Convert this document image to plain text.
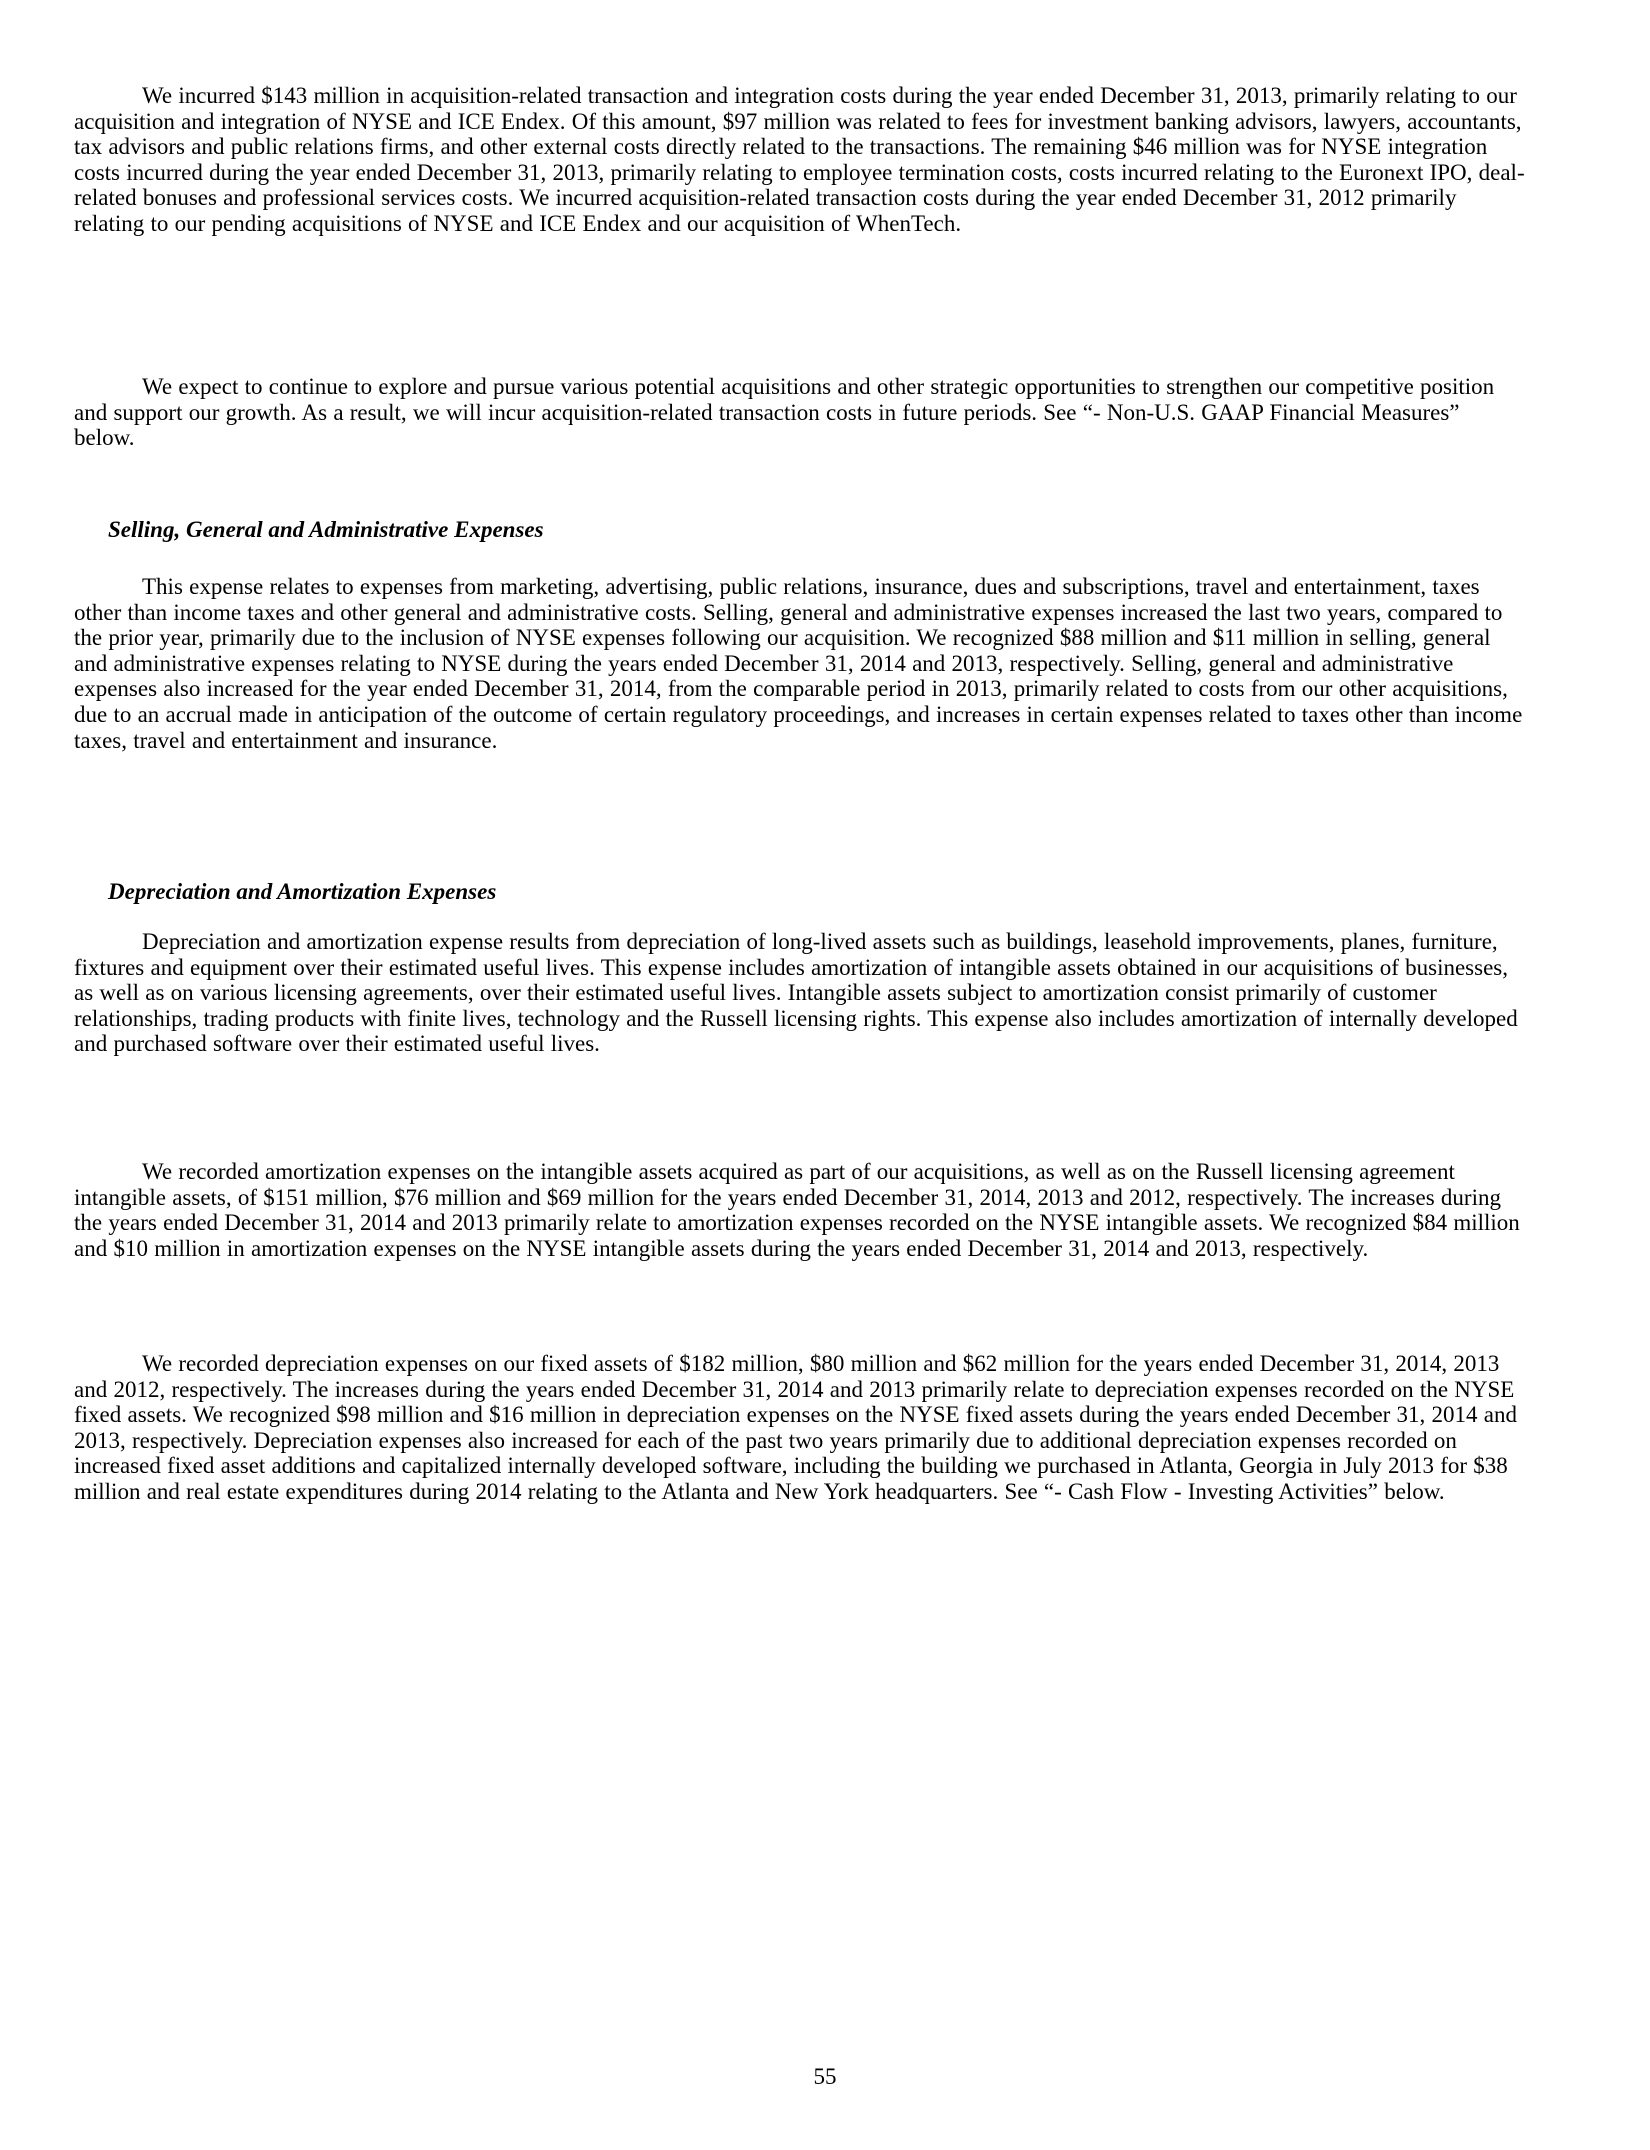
We incurred $143 million in acquisition-related transaction and integration costs during the year ended December 31, 2013, primarily relating to our acquisition and integration of NYSE and ICE Endex. Of this amount, $97 million was related to fees for investment banking advisors, lawyers, accountants, tax advisors and public relations firms, and other external costs directly related to the transactions. The remaining $46 million was for NYSE integration costs incurred during the year ended December 31, 2013, primarily relating to employee termination costs, costs incurred relating to the Euronext IPO, deal-related bonuses and professional services costs. We incurred acquisition-related transaction costs during the year ended December 31, 2012 primarily relating to our pending acquisitions of NYSE and ICE Endex and our acquisition of WhenTech.

We expect to continue to explore and pursue various potential acquisitions and other strategic opportunities to strengthen our competitive position and support our growth. As a result, we will incur acquisition-related transaction costs in future periods. See “- Non-U.S. GAAP Financial Measures” below.

Selling, General and Administrative Expenses

This expense relates to expenses from marketing, advertising, public relations, insurance, dues and subscriptions, travel and entertainment, taxes other than income taxes and other general and administrative costs. Selling, general and administrative expenses increased the last two years, compared to the prior year, primarily due to the inclusion of NYSE expenses following our acquisition. We recognized $88 million and $11 million in selling, general and administrative expenses relating to NYSE during the years ended December 31, 2014 and 2013, respectively. Selling, general and administrative expenses also increased for the year ended December 31, 2014, from the comparable period in 2013, primarily related to costs from our other acquisitions, due to an accrual made in anticipation of the outcome of certain regulatory proceedings, and increases in certain expenses related to taxes other than income taxes, travel and entertainment and insurance.

Depreciation and Amortization Expenses

Depreciation and amortization expense results from depreciation of long-lived assets such as buildings, leasehold improvements, planes, furniture, fixtures and equipment over their estimated useful lives. This expense includes amortization of intangible assets obtained in our acquisitions of businesses, as well as on various licensing agreements, over their estimated useful lives. Intangible assets subject to amortization consist primarily of customer relationships, trading products with finite lives, technology and the Russell licensing rights. This expense also includes amortization of internally developed and purchased software over their estimated useful lives.

We recorded amortization expenses on the intangible assets acquired as part of our acquisitions, as well as on the Russell licensing agreement intangible assets, of $151 million, $76 million and $69 million for the years ended December 31, 2014, 2013 and 2012, respectively. The increases during the years ended December 31, 2014 and 2013 primarily relate to amortization expenses recorded on the NYSE intangible assets. We recognized $84 million and $10 million in amortization expenses on the NYSE intangible assets during the years ended December 31, 2014 and 2013, respectively.

We recorded depreciation expenses on our fixed assets of $182 million, $80 million and $62 million for the years ended December 31, 2014, 2013 and 2012, respectively. The increases during the years ended December 31, 2014 and 2013 primarily relate to depreciation expenses recorded on the NYSE fixed assets. We recognized $98 million and $16 million in depreciation expenses on the NYSE fixed assets during the years ended December 31, 2014 and 2013, respectively. Depreciation expenses also increased for each of the past two years primarily due to additional depreciation expenses recorded on increased fixed asset additions and capitalized internally developed software, including the building we purchased in Atlanta, Georgia in July 2013 for $38 million and real estate expenditures during 2014 relating to the Atlanta and New York headquarters. See “- Cash Flow - Investing Activities” below.

55
